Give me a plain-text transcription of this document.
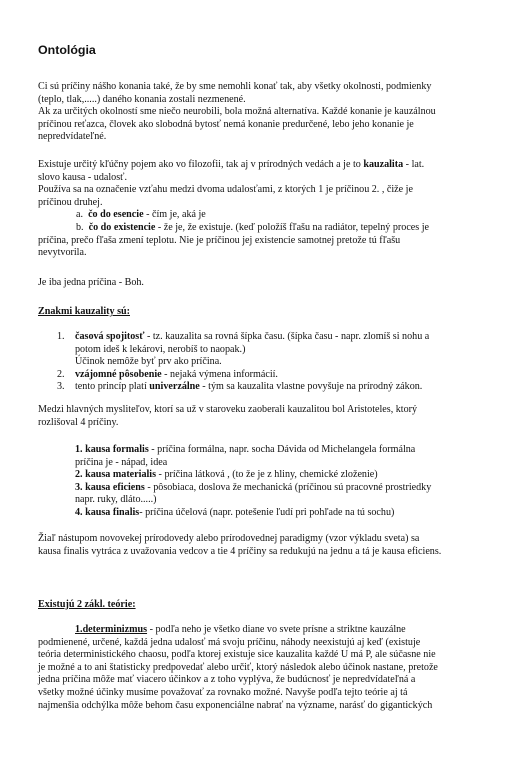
Ontológia

Ci sú príčiny nášho konania také, že by sme nemohli konať tak, aby všetky okolnosti, podmienky

(teplo, tlak,.....) daného konania zostali nezmenené.

Ak za určitých okolností sme niečo neurobili, bola možná alternatíva. Každé konanie je kauzálnou

príčinou reťazca, človek ako slobodná bytosť nemá konanie predurčené, lebo jeho konanie je

nepredvídateľné.

Existuje určitý kľúčny pojem ako vo filozofii, tak aj v prírodných vedách a je to kauzalita - lat.

slovo kausa - udalosť.

Používa sa na označenie vzťahu medzi dvoma udalosťami, z ktorých 1 je príčinou 2. , čiže je

príčinou druhej.

a. čo do esencie - čím je, aká je

b. čo do existencie - že je, že existuje. (keď položíš fľašu na radiátor, tepelný proces je

príčina, prečo fľaša zmení teplotu. Nie je príčinou jej existencie samotnej pretože tú fľašu

nevytvorila.

Je iba jedna príčina - Boh.
Znakmi kauzality sú:
1. časová spojitosť - tz. kauzalita sa rovná šípka času. (šípka času - napr. zlomíš si nohu a
potom ideš k lekárovi, nerobíš to naopak.)
Účinok nemôže byť prv ako príčina.
2. vzájomné pôsobenie - nejaká výmena informácií.
3. tento princíp platí univerzálne - tým sa kauzalita vlastne povyšuje na prírodný zákon.

Medzi hlavných mysliteľov, ktorí sa už v staroveku zaoberali kauzalitou bol Aristoteles, ktorý

rozlišoval 4 príčiny.

1. kausa formalis - príčina formálna, napr. socha Dávida od Michelangela formálna
príčina je - nápad, idea
2. kausa materialis - príčina látková , (to že je z hliny, chemické zloženie)
3. kausa eficiens - pôsobiaca, doslova že mechanická (príčinou sú pracovné prostriedky
napr. ruky, dláto.....)
4. kausa finalis- príčina účelová (napr. potešenie ľudí pri pohľade na tú sochu)

Žiaľ nástupom novovekej prírodovedy alebo prírodovednej paradigmy (vzor výkladu sveta) sa

kausa finalis vytráca z uvažovania vedcov a tie 4 príčiny sa redukujú na jednu a tá je kausa eficiens.

Existujú 2 zákl. teórie:

1.determinizmus - podľa neho je všetko diane vo svete prísne a striktne kauzálne

podmienené, určené, každá jedna udalosť má svoju príčinu, náhody neexistujú aj keď (existuje

teória deterministického chaosu, podľa ktorej existuje sice kauzalita každé U má P, ale súčasne nie

je možné a to ani štatisticky predpovedať alebo určiť, ktorý následok alebo účinok nastane, pretože

jedna príčina môže mať viacero účinkov a z toho vyplýva, že budúcnosť je nepredvídateľná a

všetky možné účinky musíme považovať za rovnako možné. Navyše podľa tejto teórie aj tá

najmenšia odchýlka môže behom času exponenciálne nabrať na význame, narásť do gigantických
